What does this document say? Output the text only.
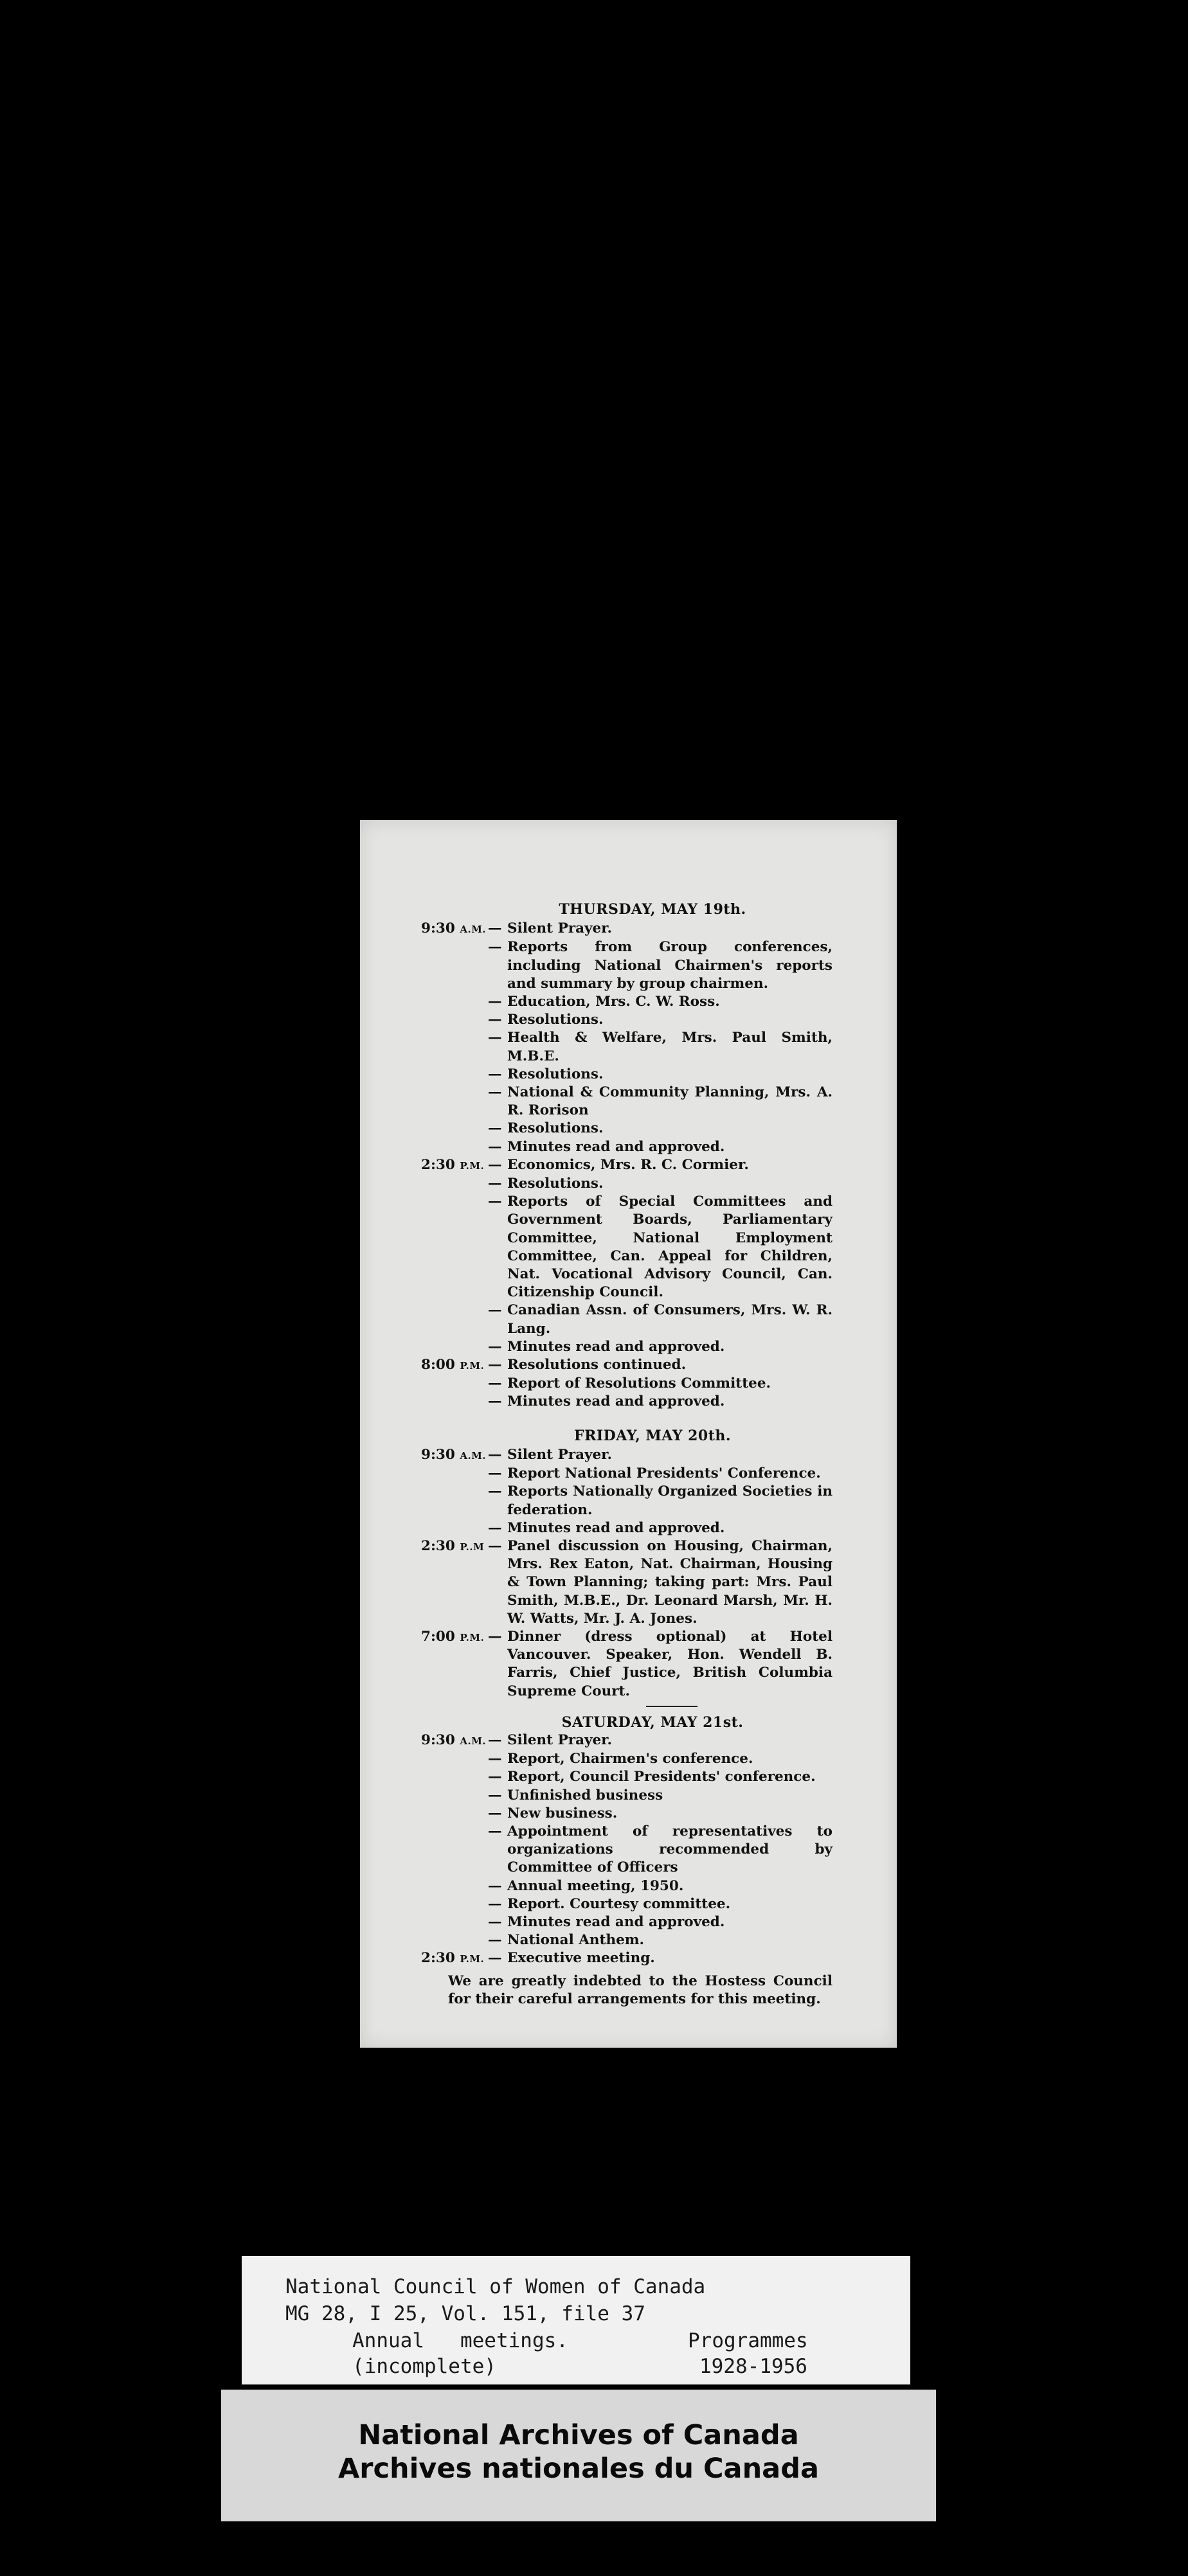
THURSDAY, MAY 19th.
9:30 A.M. — Silent Prayer.
— Reports from Group conferences, including National Chairmen's reports and summary by group chairmen.
— Education, Mrs. C. W. Ross.
— Resolutions.
— Health & Welfare, Mrs. Paul Smith, M.B.E.
— Resolutions.
— National & Community Planning, Mrs. A. R. Rorison
— Resolutions.
— Minutes read and approved.
2:30 P.M. — Economics, Mrs. R. C. Cormier.
— Resolutions.
— Reports of Special Committees and Government Boards, Parliamentary Committee, National Employment Committee, Can. Appeal for Children, Nat. Vocational Advisory Council, Can. Citizenship Council.
— Canadian Assn. of Consumers, Mrs. W. R. Lang.
— Minutes read and approved.
8:00 P.M. — Resolutions continued.
— Report of Resolutions Committee.
— Minutes read and approved.
FRIDAY, MAY 20th.
9:30 A.M. — Silent Prayer.
— Report National Presidents' Conference.
— Reports Nationally Organized Societies in federation.
— Minutes read and approved.
2:30 P..M — Panel discussion on Housing, Chairman, Mrs. Rex Eaton, Nat. Chairman, Housing & Town Planning; taking part: Mrs. Paul Smith, M.B.E., Dr. Leonard Marsh, Mr. H. W. Watts, Mr. J. A. Jones.
7:00 P.M. — Dinner (dress optional) at Hotel Vancouver. Speaker, Hon. Wendell B. Farris, Chief Justice, British Columbia Supreme Court.
SATURDAY, MAY 21st.
9:30 A.M. — Silent Prayer.
— Report, Chairmen's conference.
— Report, Council Presidents' conference.
— Unfinished business
— New business.
— Appointment of representatives to organizations recommended by Committee of Officers
— Annual meeting, 1950.
— Report. Courtesy committee.
— Minutes read and approved.
— National Anthem.
2:30 P.M. — Executive meeting.
We are greatly indebted to the Hostess Council for their careful arrangements for this meeting.
National Council of Women of Canada
MG 28, I 25, Vol. 151, file 37
Annual   meetings.	Programmes
(incomplete)	1928-1956
National Archives of Canada
Archives nationales du Canada
